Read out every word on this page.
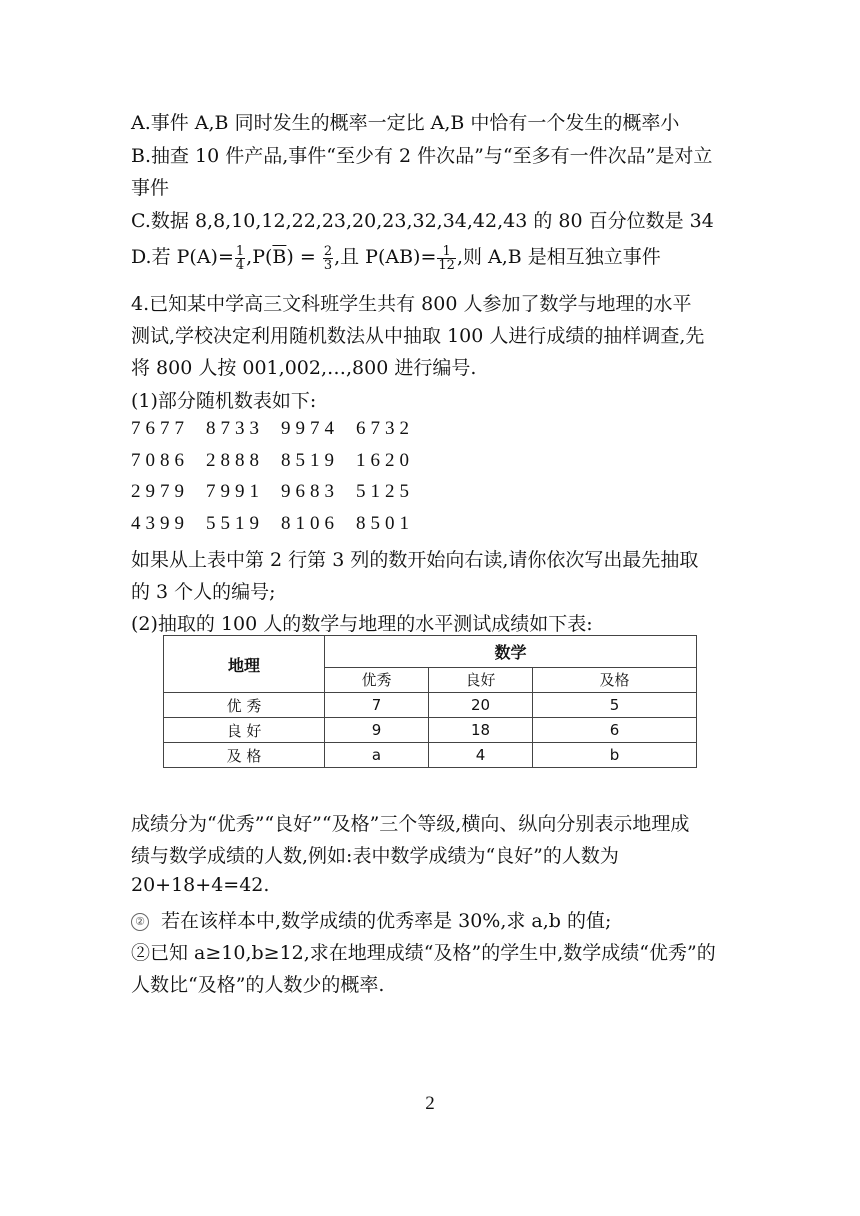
A.事件 A,B 同时发生的概率一定比 A,B 中恰有一个发生的概率小
B.抽查 10 件产品,事件“至少有 2 件次品”与“至多有一件次品”是对立
事件
C.数据 8,8,10,12,22,23,20,23,32,34,42,43 的 80 百分位数是 34
D.若 $P(A)= \frac{1}{4} ,P(\overline{B}) = \frac{2}{3}$ ,且 $P(AB)= \frac{1}{12}$ ,则 A,B 是相互独立事件
4.已知某中学高三文科班学生共有 800 人参加了数学与地理的水平
测试,学校决定利用随机数法从中抽取 100 人进行成绩的抽样调查,先
将 800 人按 001,002,…,800 进行编号.
(1)部分随机数表如下:
7677 8733 9974 6732
7086 2888 8519 1620
2979 7991 9683 5125
4399 5519 8106 8501
如果从上表中第 2 行第 3 列的数开始向右读,请你依次写出最先抽取
的 3 个人的编号;
(2)抽取的 100 人的数学与地理的水平测试成绩如下表:
地理	数学		
	优秀	良好	及格
优 秀	7	20	5
良 好	9	18	6
及 格	a	4	b
成绩分为“优秀”“良好”“及格”三个等级,横向、纵向分别表示地理成
绩与数学成绩的人数,例如:表中数学成绩为“良好”的人数为
20+18+4=42.
② 若在该样本中,数学成绩的优秀率是 30%,求 a,b 的值;
②已知 a≥10,b≥12,求在地理成绩“及格”的学生中,数学成绩“优秀”的
人数比“及格”的人数少的概率.
2
